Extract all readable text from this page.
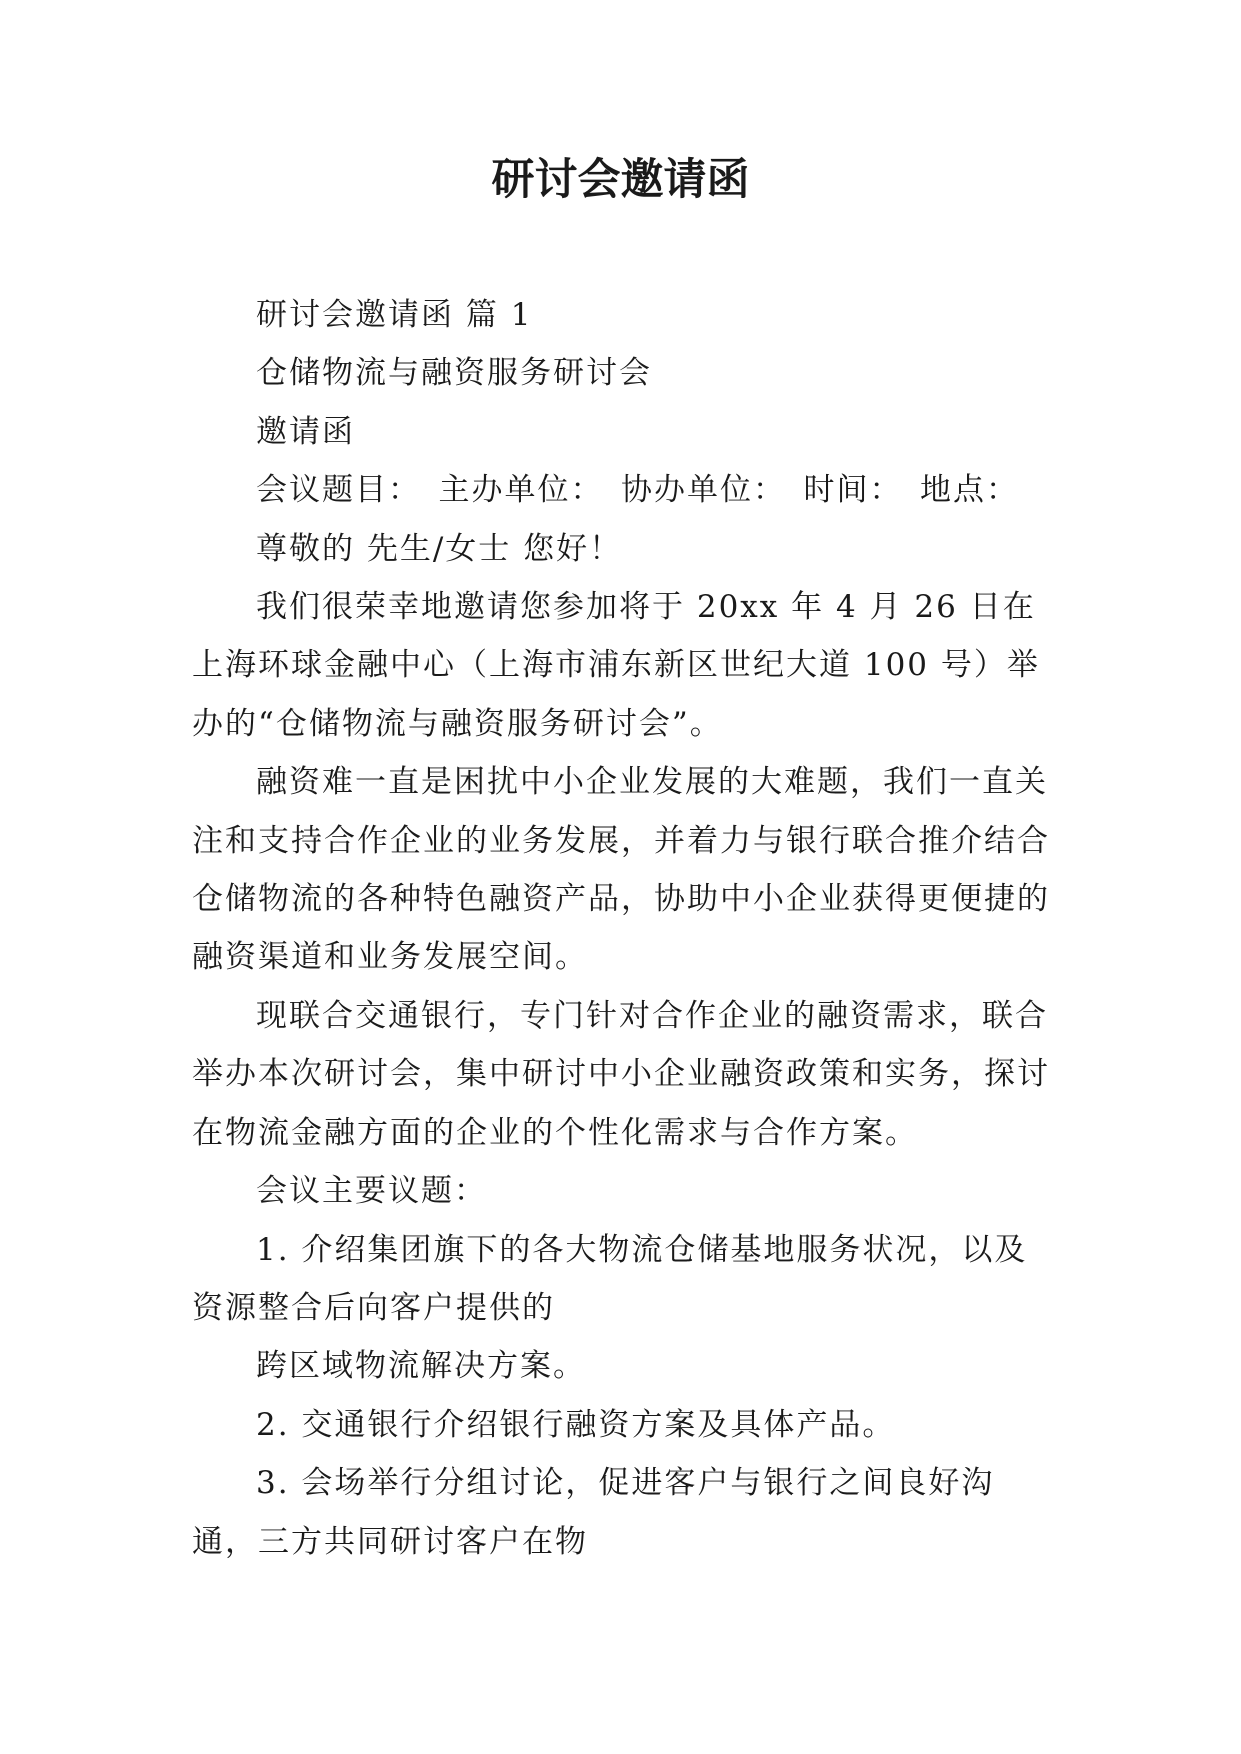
研讨会邀请函

研讨会邀请函 篇 1

仓储物流与融资服务研讨会

邀请函

会议题目：　主办单位：　协办单位：　时间：　地点：

尊敬的 先生/女士 您好！

我们很荣幸地邀请您参加将于 20xx 年 4 月 26 日在上海环球金融中心（上海市浦东新区世纪大道 100 号）举办的“仓储物流与融资服务研讨会”。

融资难一直是困扰中小企业发展的大难题，我们一直关注和支持合作企业的业务发展，并着力与银行联合推介结合仓储物流的各种特色融资产品，协助中小企业获得更便捷的融资渠道和业务发展空间。

现联合交通银行，专门针对合作企业的融资需求，联合举办本次研讨会，集中研讨中小企业融资政策和实务，探讨在物流金融方面的企业的个性化需求与合作方案。

会议主要议题：

1. 介绍集团旗下的各大物流仓储基地服务状况，以及资源整合后向客户提供的

跨区域物流解决方案。

2. 交通银行介绍银行融资方案及具体产品。

3. 会场举行分组讨论，促进客户与银行之间良好沟通，三方共同研讨客户在物
